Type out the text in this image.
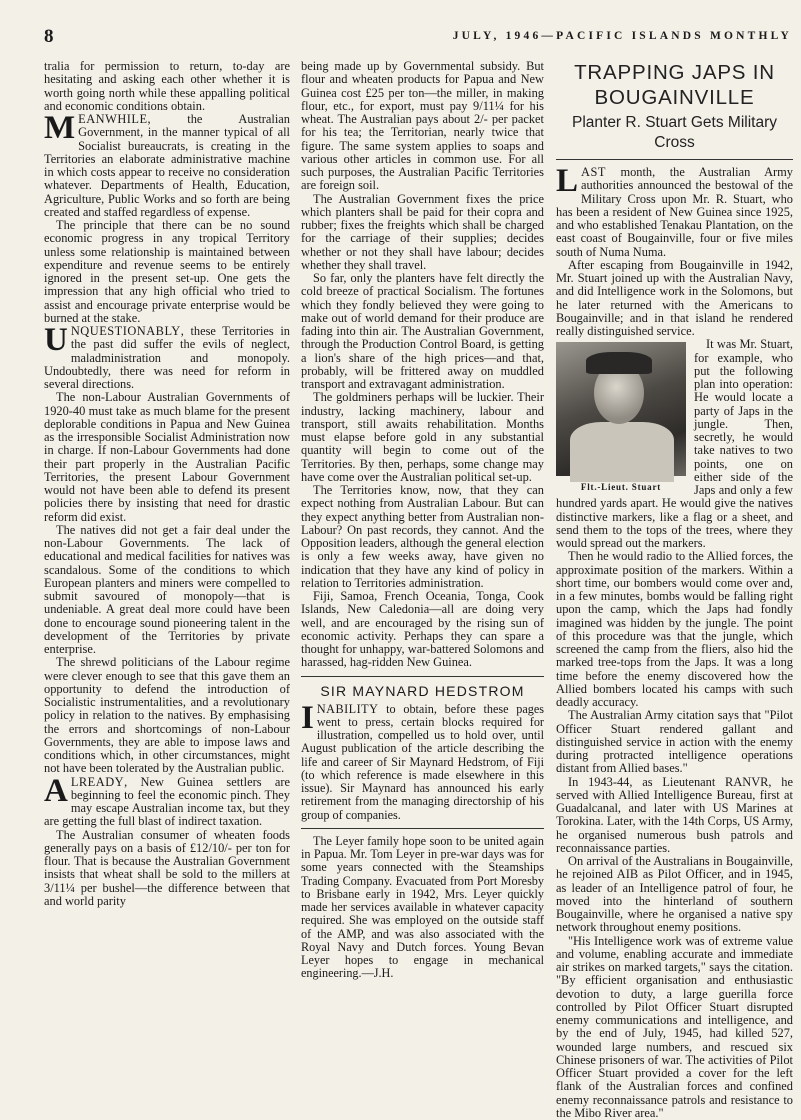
8	JULY, 1946—PACIFIC ISLANDS MONTHLY

tralia for permission to return, to-day are hesitating and asking each other whether it is worth going north while these appalling political and economic conditions obtain.

MEANWHILE, the Australian Government, in the manner typical of all Socialist bureaucrats, is creating in the Territories an elaborate administrative machine in which costs appear to receive no consideration whatever. Departments of Health, Education, Agriculture, Public Works and so forth are being created and staffed regardless of expense.

The principle that there can be no sound economic progress in any tropical Territory unless some relationship is maintained between expenditure and revenue seems to be entirely ignored in the present set-up. One gets the impression that any high official who tried to assist and encourage private enterprise would be burned at the stake.

UNQUESTIONABLY, these Territories in the past did suffer the evils of neglect, maladministration and monopoly. Undoubtedly, there was need for reform in several directions.

The non-Labour Australian Governments of 1920-40 must take as much blame for the present deplorable conditions in Papua and New Guinea as the irresponsible Socialist Administration now in charge. If non-Labour Governments had done their part properly in the Australian Pacific Territories, the present Labour Government would not have been able to defend its present policies there by insisting that need for drastic reform did exist.

The natives did not get a fair deal under the non-Labour Governments. The lack of educational and medical facilities for natives was scandalous. Some of the conditions to which European planters and miners were compelled to submit savoured of monopoly—that is undeniable. A great deal more could have been done to encourage sound pioneering talent in the development of the Territories by private enterprise.

The shrewd politicians of the Labour regime were clever enough to see that this gave them an opportunity to defend the introduction of Socialistic instrumentalities, and a revolutionary policy in relation to the natives. By emphasising the errors and shortcomings of non-Labour Governments, they are able to impose laws and conditions which, in other circumstances, might not have been tolerated by the Australian public.

ALREADY, New Guinea settlers are beginning to feel the economic pinch. They may escape Australian income tax, but they are getting the full blast of indirect taxation.

The Australian consumer of wheaten foods generally pays on a basis of £12/10/- per ton for flour. That is because the Australian Government insists that wheat shall be sold to the millers at 3/11¼ per bushel—the difference between that and world parity

being made up by Governmental subsidy. But flour and wheaten products for Papua and New Guinea cost £25 per ton—the miller, in making flour, etc., for export, must pay 9/11¼ for his wheat. The Australian pays about 2/- per packet for his tea; the Territorian, nearly twice that figure. The same system applies to soaps and various other articles in common use. For all such purposes, the Australian Pacific Territories are foreign soil.

The Australian Government fixes the price which planters shall be paid for their copra and rubber; fixes the freights which shall be charged for the carriage of their supplies; decides whether or not they shall have labour; decides whether they shall travel.

So far, only the planters have felt directly the cold breeze of practical Socialism. The fortunes which they fondly believed they were going to make out of world demand for their produce are fading into thin air. The Australian Government, through the Production Control Board, is getting a lion's share of the high prices—and that, probably, will be frittered away on muddled transport and extravagant administration.

The goldminers perhaps will be luckier. Their industry, lacking machinery, labour and transport, still awaits rehabilitation. Months must elapse before gold in any substantial quantity will begin to come out of the Territories. By then, perhaps, some change may have come over the Australian political set-up.

The Territories know, now, that they can expect nothing from Australian Labour. But can they expect anything better from Australian non-Labour? On past records, they cannot. And the Opposition leaders, although the general election is only a few weeks away, have given no indication that they have any kind of policy in relation to Territories administration.

Fiji, Samoa, French Oceania, Tonga, Cook Islands, New Caledonia—all are doing very well, and are encouraged by the rising sun of economic activity. Perhaps they can spare a thought for unhappy, war-battered Solomons and harassed, hag-ridden New Guinea.

SIR MAYNARD HEDSTROM

INABILITY to obtain, before these pages went to press, certain blocks required for illustration, compelled us to hold over, until August publication of the article describing the life and career of Sir Maynard Hedstrom, of Fiji (to which reference is made elsewhere in this issue). Sir Maynard has announced his early retirement from the managing directorship of his group of companies.

The Leyer family hope soon to be united again in Papua. Mr. Tom Leyer in pre-war days was for some years connected with the Steamships Trading Company. Evacuated from Port Moresby to Brisbane early in 1942, Mrs. Leyer quickly made her services available in whatever capacity required. She was employed on the outside staff of the AMP, and was also associated with the Royal Navy and Dutch forces. Young Bevan Leyer hopes to engage in mechanical engineering.—J.H.

TRAPPING JAPS IN BOUGAINVILLE
Planter R. Stuart Gets Military Cross

LAST month, the Australian Army authorities announced the bestowal of the Military Cross upon Mr. R. Stuart, who has been a resident of New Guinea since 1925, and who established Tenakau Plantation, on the east coast of Bougainville, four or five miles south of Numa Numa.

After escaping from Bougainville in 1942, Mr. Stuart joined up with the Australian Navy, and did Intelligence work in the Solomons, but he later returned with the Americans to Bougainville; and in that island he rendered really distinguished service.

Flt.-Lieut. Stuart

It was Mr. Stuart, for example, who put the following plan into operation: He would locate a party of Japs in the jungle. Then, secretly, he would take natives to two points, one on either side of the Japs and only a few hundred yards apart. He would give the natives distinctive markers, like a flag or a sheet, and send them to the tops of the trees, where they would spread out the markers.

Then he would radio to the Allied forces, the approximate position of the markers. Within a short time, our bombers would come over and, in a few minutes, bombs would be falling right upon the camp, which the Japs had fondly imagined was hidden by the jungle. The point of this procedure was that the jungle, which screened the camp from the fliers, also hid the marked tree-tops from the Japs. It was a long time before the enemy discovered how the Allied bombers located his camps with such deadly accuracy.

The Australian Army citation says that "Pilot Officer Stuart rendered gallant and distinguished service in action with the enemy during protracted intelligence operations distant from Allied bases."

In 1943-44, as Lieutenant RANVR, he served with Allied Intelligence Bureau, first at Guadalcanal, and later with US Marines at Torokina. Later, with the 14th Corps, US Army, he organised numerous bush patrols and reconnaissance parties.

On arrival of the Australians in Bougainville, he rejoined AIB as Pilot Officer, and in 1945, as leader of an Intelligence patrol of four, he moved into the hinterland of southern Bougainville, where he organised a native spy network throughout enemy positions.

"His Intelligence work was of extreme value and volume, enabling accurate and immediate air strikes on marked targets," says the citation. "By efficient organisation and enthusiastic devotion to duty, a large guerilla force controlled by Pilot Officer Stuart disrupted enemy communications and intelligence, and by the end of July, 1945, had killed 527, wounded large numbers, and rescued six Chinese prisoners of war. The activities of Pilot Officer Stuart provided a cover for the left flank of the Australian forces and confined enemy reconnaissance patrols and resistance to the Mibo River area."
